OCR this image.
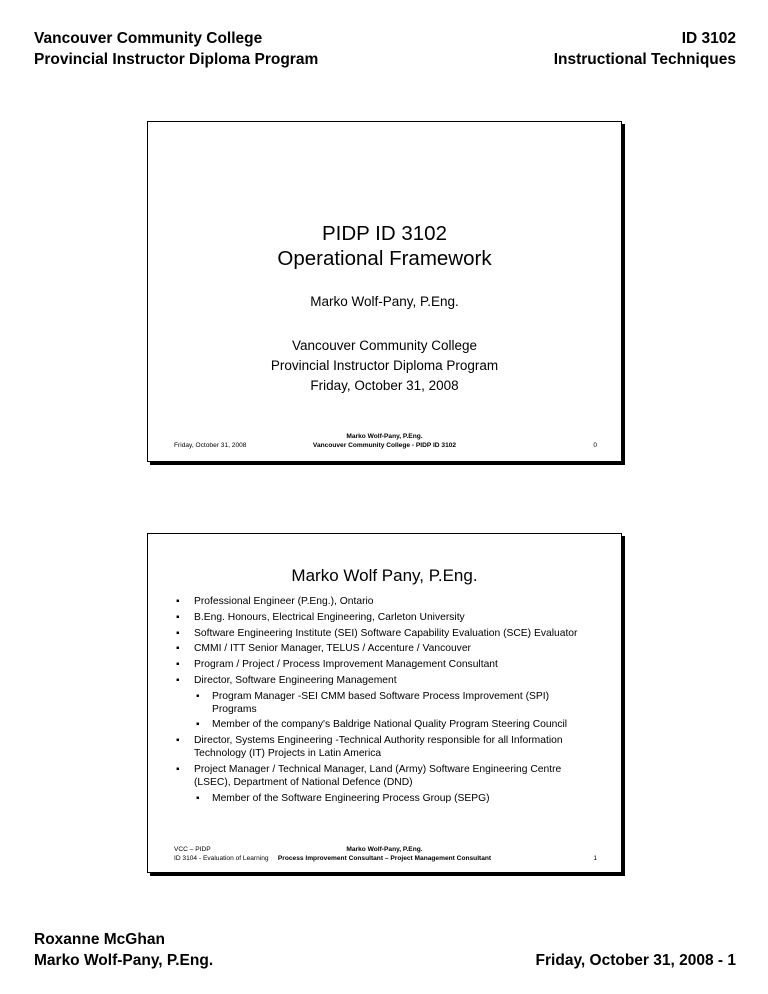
Vancouver Community College
Provincial Instructor Diploma Program
ID 3102
Instructional Techniques
PIDP ID 3102
Operational Framework
Marko Wolf-Pany, P.Eng.
Vancouver Community College
Provincial Instructor Diploma Program
Friday, October 31, 2008
Friday, October 31, 2008
Marko Wolf-Pany, P.Eng.
Vancouver Community College - PIDP ID 3102	0
Marko Wolf Pany, P.Eng.
▪ Professional Engineer (P.Eng.), Ontario
▪ B.Eng. Honours, Electrical Engineering, Carleton University
▪ Software Engineering Institute (SEI) Software Capability Evaluation (SCE) Evaluator
▪ CMMI / ITT Senior Manager, TELUS / Accenture / Vancouver
▪ Program / Project / Process Improvement Management Consultant
▪ Director, Software Engineering Management
▪ Program Manager -SEI CMM based Software Process Improvement (SPI) Programs
▪ Member of the company's Baldrige National Quality Program Steering Council
▪ Director, Systems Engineering -Technical Authority responsible for all Information Technology (IT) Projects in Latin America
▪ Project Manager / Technical Manager, Land (Army) Software Engineering Centre (LSEC), Department of National Defence (DND)
▪ Member of the Software Engineering Process Group (SEPG)
VCC – PIDP
ID 3104 - Evaluation of Learning
Marko Wolf-Pany, P.Eng.
Process Improvement Consultant – Project Management Consultant	1
Roxanne McGhan
Marko Wolf-Pany, P.Eng.	Friday, October 31, 2008 - 1
